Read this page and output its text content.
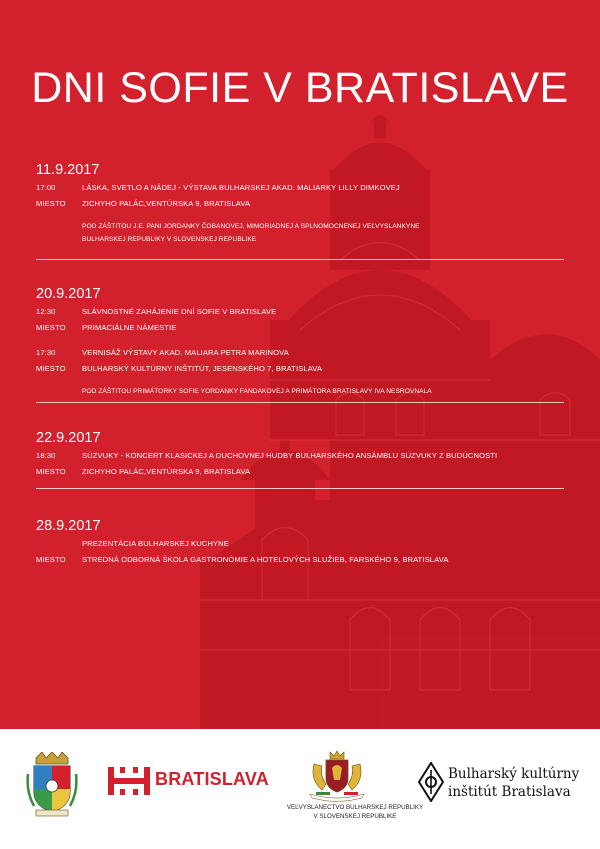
DNI SOFIE V BRATISLAVE
11.9.2017
17:00	LÁSKA, SVETLO A NÁDEJ - VÝSTAVA BULHARSKEJ AKAD. MALIARKY LILLY DIMKOVEJ
MIESTO	ZICHYHO PALÁC,VENTÚRSKA 9, BRATISLAVA
POD ZÁŠTITOU J.E. PANI JORDANKY ČOBANOVEJ, MIMORIADNEJ A SPLNOMOCNENEJ VEĽVYSLANKYNE
BULHARSKEJ REPUBLIKY V SLOVENSKEJ REPUBLIKE
20.9.2017
12:30	SLÁVNOSTNÉ ZAHÁJENIE DNÍ SOFIE V BRATISLAVE
MIESTO	PRIMACIÁLNE NÁMESTIE
17:30	VERNISÁŽ VÝSTAVY AKAD. MALIARA PETRA MARINOVA
MIESTO	BULHARSKÝ KULTÚRNY INŠTITÚT, JESENSKÉHO 7, BRATISLAVA
POD ZÁŠTITOU PRIMÁTORKY SOFIE YORDANKY FANDAKOVEJ A PRIMÁTORA BRATISLAVY IVA NESROVNALA
22.9.2017
18:30	SÚZVUKY - KONCERT KLASICKEJ A DUCHOVNEJ HUDBY BULHARSKÉHO ANSÁMBLU SÚZVUKY Z BUDÚCNOSTI
MIESTO	ZICHYHO PALÁC,VENTÚRSKA 9, BRATISLAVA
28.9.2017
PREZENTÁCIA BULHARSKEJ KUCHYNE
MIESTO	STREDNÁ ODBORNÁ ŠKOLA GASTRONÓMIE A HOTELOVÝCH SLUŽIEB, FARSKÉHO 9, BRATISLAVA
BRATISLAVA
VEĽVYSLANECTVO BULHARSKEJ REPUBLIKY
V SLOVENSKEJ REPUBLIKE
Bulharský kultúrny
inštitút Bratislava
